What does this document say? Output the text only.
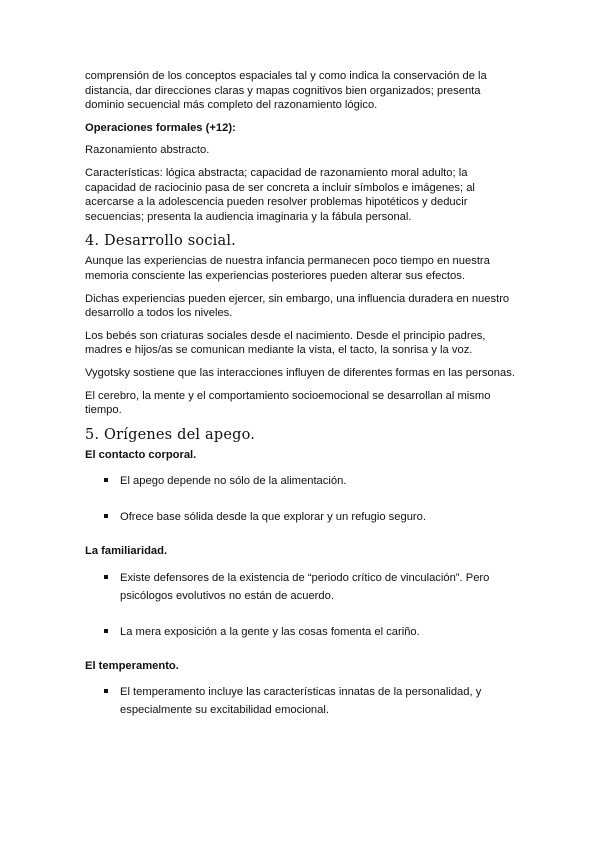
comprensión de los conceptos espaciales tal y como indica la conservación de la distancia, dar direcciones claras y mapas cognitivos bien organizados; presenta dominio secuencial más completo del razonamiento lógico.

Operaciones formales (+12):

Razonamiento abstracto.

Características: lógica abstracta; capacidad de razonamiento moral adulto; la capacidad de raciocinio pasa de ser concreta a incluir símbolos e imágenes; al acercarse a la adolescencia pueden resolver problemas hipotéticos y deducir secuencias; presenta la audiencia imaginaria y la fábula personal.

4. Desarrollo social.

Aunque las experiencias de nuestra infancia permanecen poco tiempo en nuestra memoria consciente las experiencias posteriores pueden alterar sus efectos.

Dichas experiencias pueden ejercer, sin embargo, una influencia duradera en nuestro desarrollo a todos los niveles.

Los bebés son criaturas sociales desde el nacimiento. Desde el principio padres, madres e hijos/as se comunican mediante la vista, el tacto, la sonrisa y la voz.

Vygotsky sostiene que las interacciones influyen de diferentes formas en las personas.

El cerebro, la mente y el comportamiento socioemocional se desarrollan al mismo tiempo.

5. Orígenes del apego.

El contacto corporal.

El apego depende no sólo de la alimentación.
Ofrece base sólida desde la que explorar y un refugio seguro.

La familiaridad.

Existe defensores de la existencia de “periodo crítico de vinculación”. Pero psicólogos evolutivos no están de acuerdo.
La mera exposición a la gente y las cosas fomenta el cariño.

El temperamento.

El temperamento incluye las características innatas de la personalidad, y especialmente su excitabilidad emocional.
